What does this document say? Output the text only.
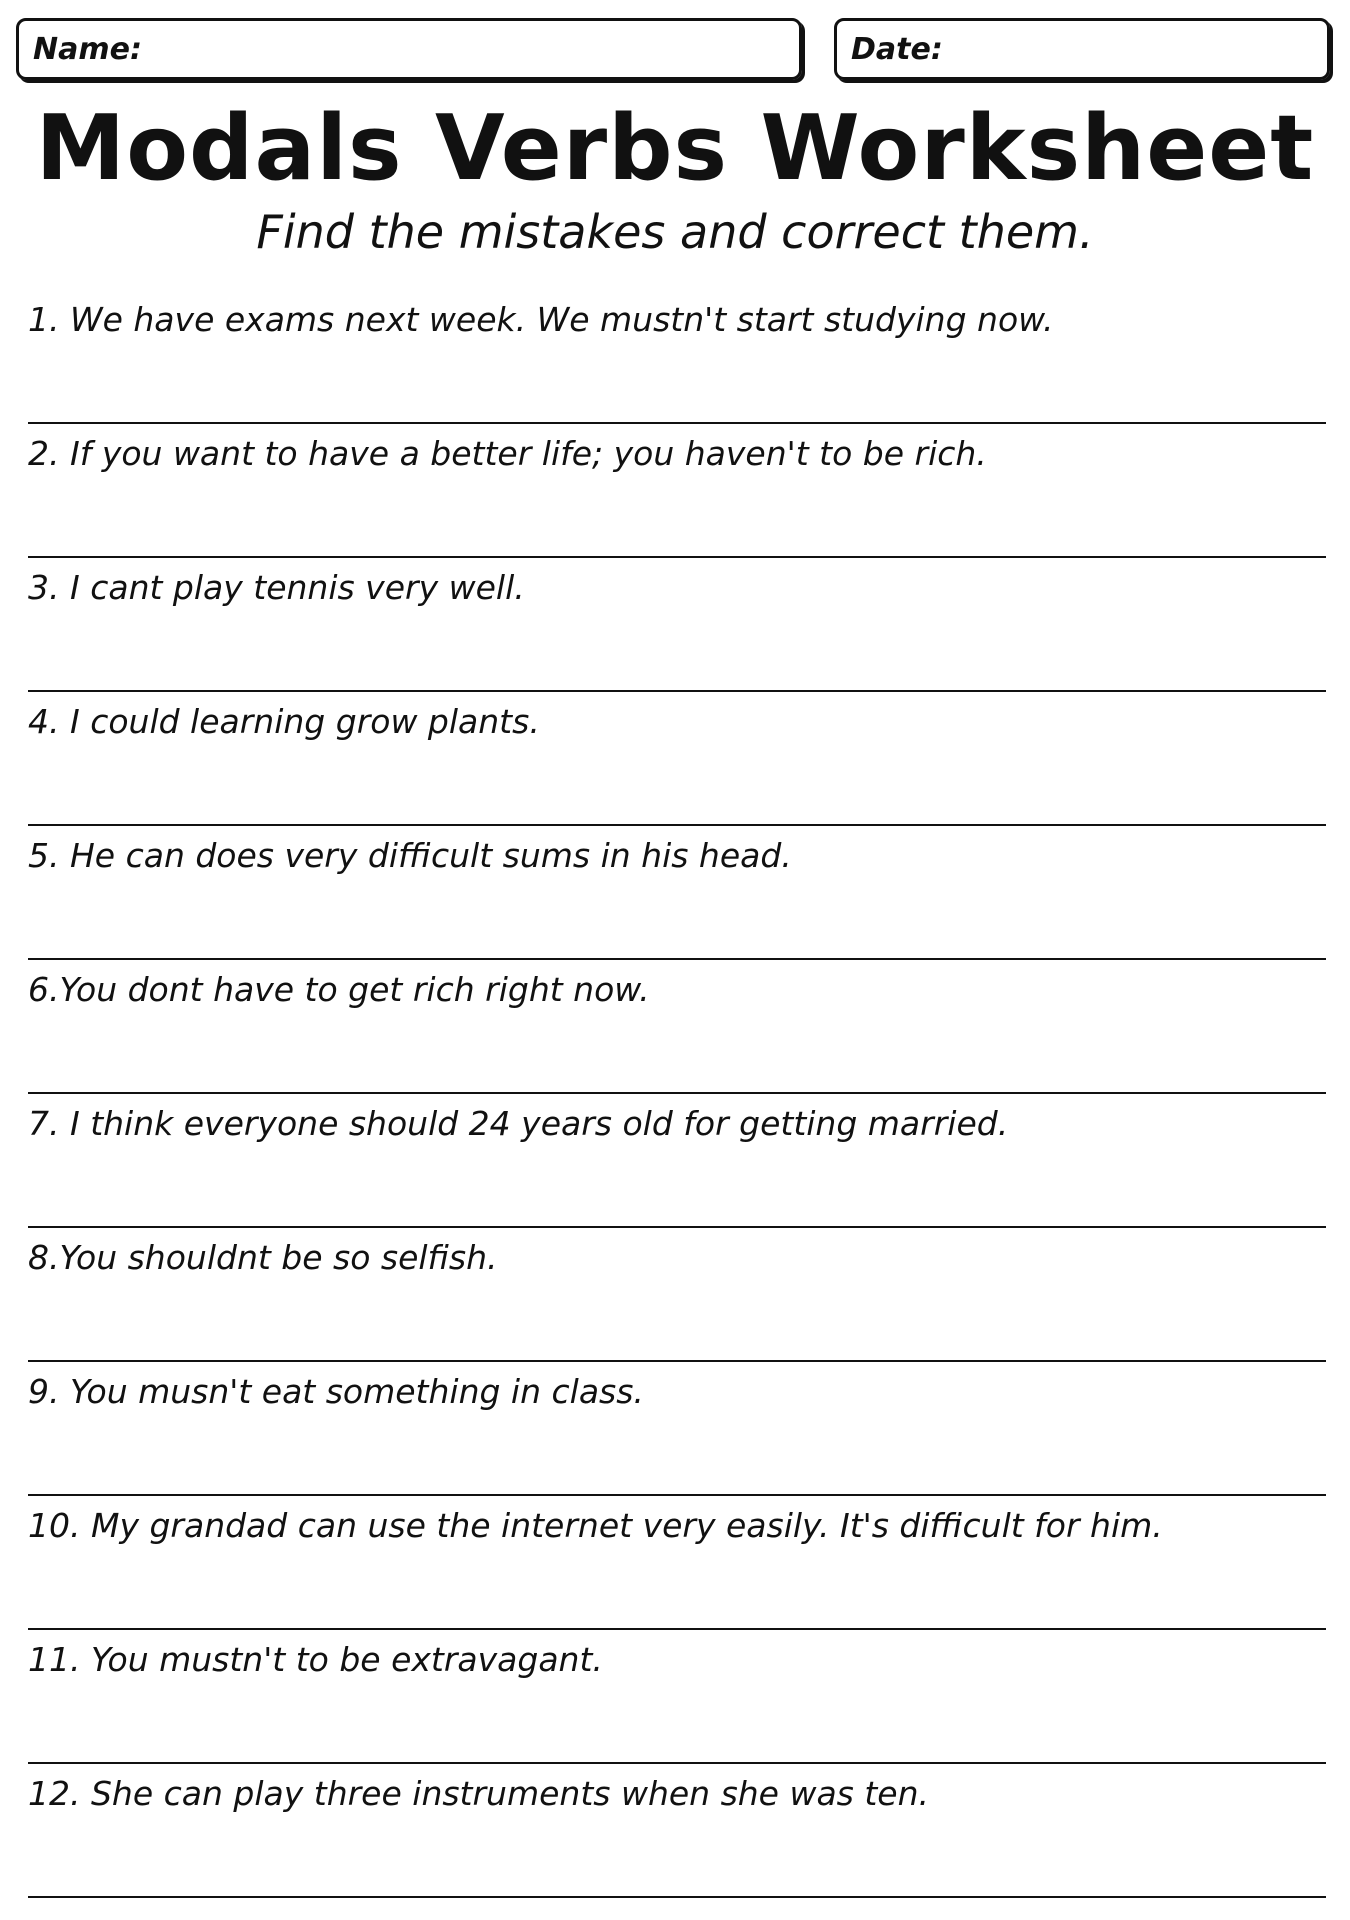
Name:	Date:
Modals Verbs Worksheet
Find the mistakes and correct them.
1. We have exams next week. We mustn't start studying now.
2. If you want to have a better life; you haven't to be rich.
3. I cant play tennis very well.
4. I could learning grow plants.
5. He can does very difficult sums in his head.
6.You dont have to get rich right now.
7. I think everyone should 24 years old for getting married.
8.You shouldnt be so selfish.
9. You musn't eat something in class.
10. My grandad can use the internet very easily. It's difficult for him.
11. You mustn't to be extravagant.
12. She can play three instruments when she was ten.
